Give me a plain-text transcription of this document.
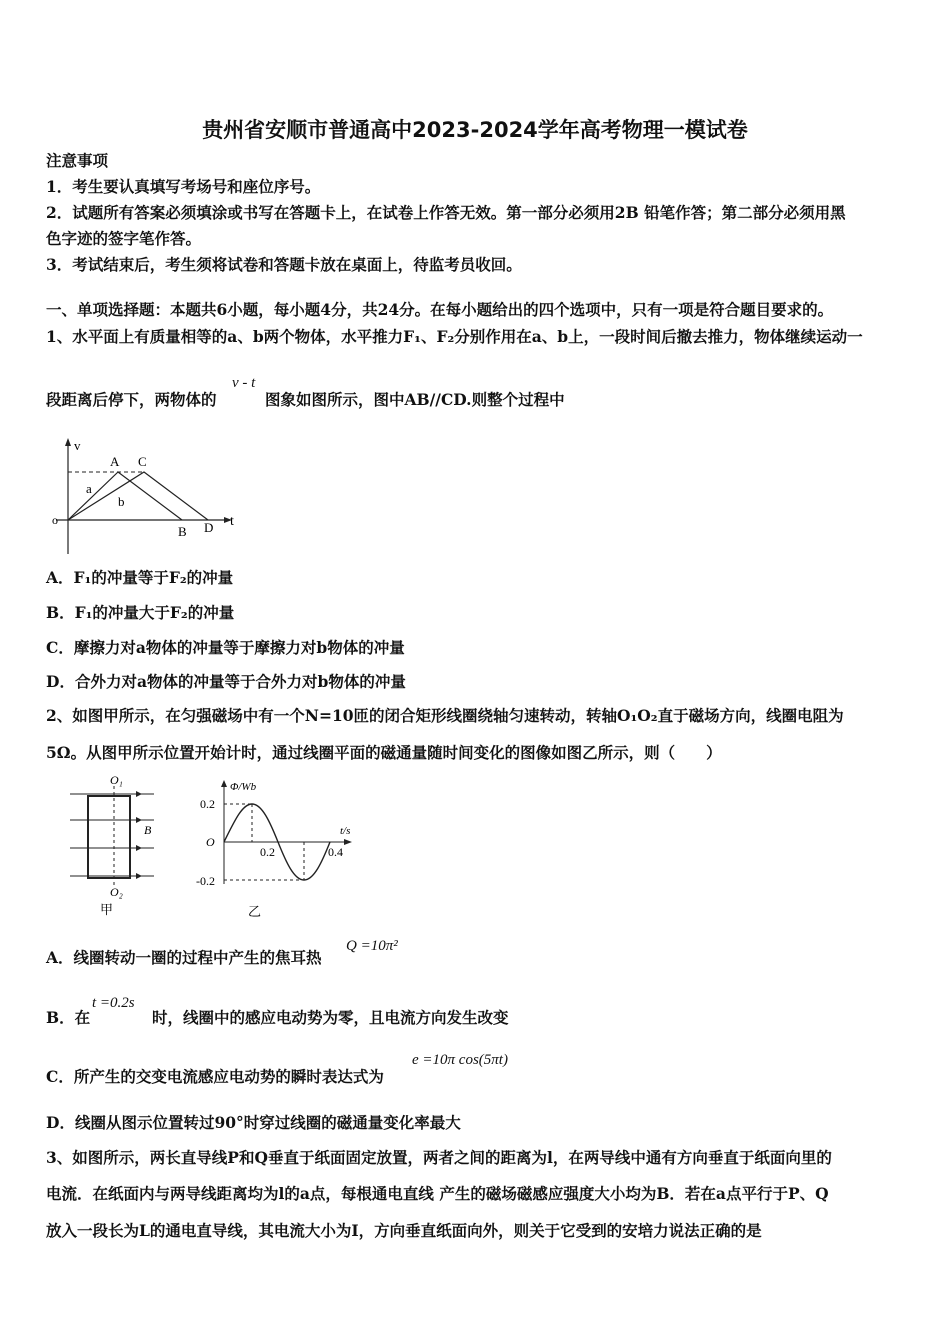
贵州省安顺市普通高中2023-2024学年高考物理一模试卷
注意事项
1．考生要认真填写考场号和座位序号。
2．试题所有答案必须填涂或书写在答题卡上，在试卷上作答无效。第一部分必须用2B 铅笔作答；第二部分必须用黑
色字迹的签字笔作答。
3．考试结束后，考生须将试卷和答题卡放在桌面上，待监考员收回。
一、单项选择题：本题共6小题，每小题4分，共24分。在每小题给出的四个选项中，只有一项是符合题目要求的。
1、水平面上有质量相等的a、b两个物体，水平推力F₁、F₂分别作用在a、b上，一段时间后撤去推力，物体继续运动一
段距离后停下，两物体的
v - t
图象如图所示，图中AB//CD.则整个过程中
v
t
o
A C
B D
a
b
A．F₁的冲量等于F₂的冲量
B．F₁的冲量大于F₂的冲量
C．摩擦力对a物体的冲量等于摩擦力对b物体的冲量
D．合外力对a物体的冲量等于合外力对b物体的冲量
2、如图甲所示，在匀强磁场中有一个N=10匝的闭合矩形线圈绕轴匀速转动，转轴O₁O₂直于磁场方向，线圈电阻为
5Ω。从图甲所示位置开始计时，通过线圈平面的磁通量随时间变化的图像如图乙所示，则（　　）
O₁
O₂
B
甲
Φ/Wb
t/s
O
0.2
-0.2
0.2	0.4
乙
A．线圈转动一圈的过程中产生的焦耳热
Q =10π²
B．在
t =0.2s
时，线圈中的感应电动势为零，且电流方向发生改变
C．所产生的交变电流感应电动势的瞬时表达式为
e =10π cos(5πt)
D．线圈从图示位置转过90°时穿过线圈的磁通量变化率最大
3、如图所示，两长直导线P和Q垂直于纸面固定放置，两者之间的距离为l，在两导线中通有方向垂直于纸面向里的
电流．在纸面内与两导线距离均为l的a点，每根通电直线 产生的磁场磁感应强度大小均为B．若在a点平行于P、Q
放入一段长为L的通电直导线，其电流大小为I，方向垂直纸面向外，则关于它受到的安培力说法正确的是
